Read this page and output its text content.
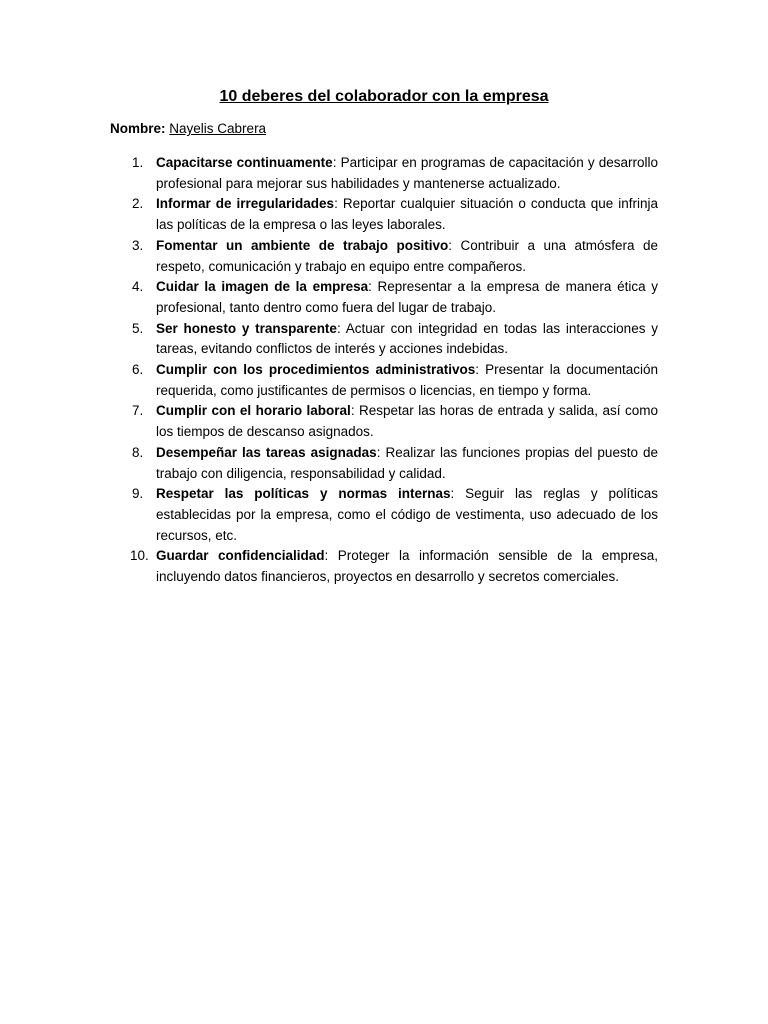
10 deberes del colaborador con la empresa
Nombre: Nayelis Cabrera
1. Capacitarse continuamente: Participar en programas de capacitación y desarrollo profesional para mejorar sus habilidades y mantenerse actualizado.
2. Informar de irregularidades: Reportar cualquier situación o conducta que infrinja las políticas de la empresa o las leyes laborales.
3. Fomentar un ambiente de trabajo positivo: Contribuir a una atmósfera de respeto, comunicación y trabajo en equipo entre compañeros.
4. Cuidar la imagen de la empresa: Representar a la empresa de manera ética y profesional, tanto dentro como fuera del lugar de trabajo.
5. Ser honesto y transparente: Actuar con integridad en todas las interacciones y tareas, evitando conflictos de interés y acciones indebidas.
6. Cumplir con los procedimientos administrativos: Presentar la documentación requerida, como justificantes de permisos o licencias, en tiempo y forma.
7. Cumplir con el horario laboral: Respetar las horas de entrada y salida, así como los tiempos de descanso asignados.
8. Desempeñar las tareas asignadas: Realizar las funciones propias del puesto de trabajo con diligencia, responsabilidad y calidad.
9. Respetar las políticas y normas internas: Seguir las reglas y políticas establecidas por la empresa, como el código de vestimenta, uso adecuado de los recursos, etc.
10. Guardar confidencialidad: Proteger la información sensible de la empresa, incluyendo datos financieros, proyectos en desarrollo y secretos comerciales.
